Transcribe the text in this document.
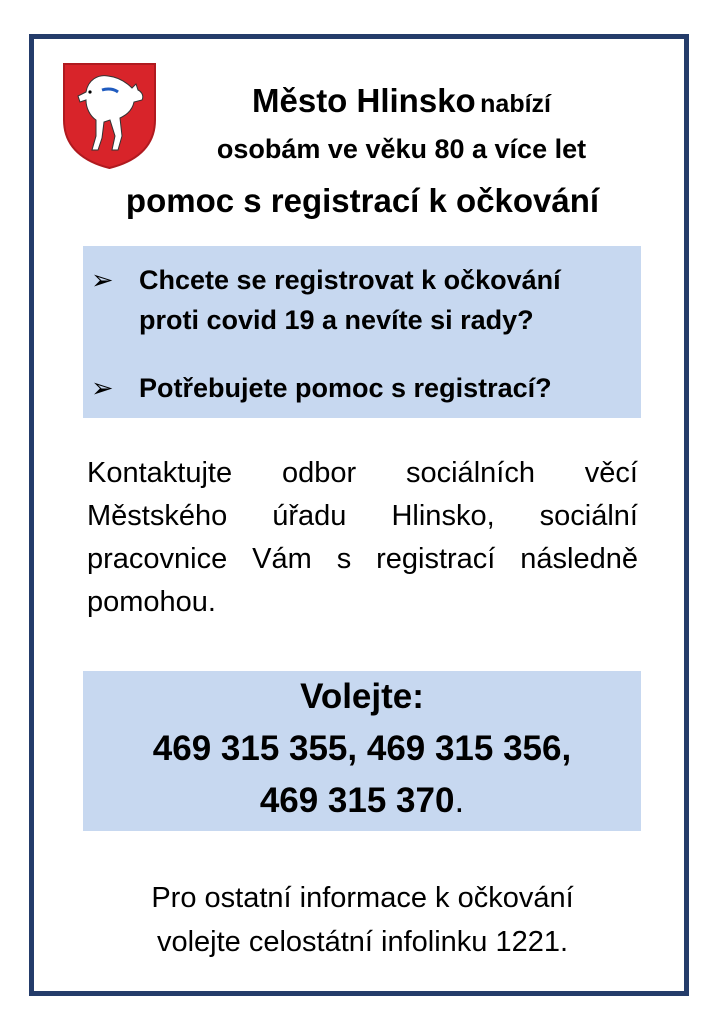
Město Hlinsko nabízí
osobám ve věku 80 a více let
pomoc s registrací k očkování
➢ Chcete se registrovat k očkování
proti covid 19 a nevíte si rady?
➢ Potřebujete pomoc s registrací?
Kontaktujte odbor sociálních věcí Městského úřadu Hlinsko, sociální pracovnice Vám s registrací následně pomohou.
Volejte:
469 315 355, 469 315 356,
469 315 370.
Pro ostatní informace k očkování
volejte celostátní infolinku 1221.
